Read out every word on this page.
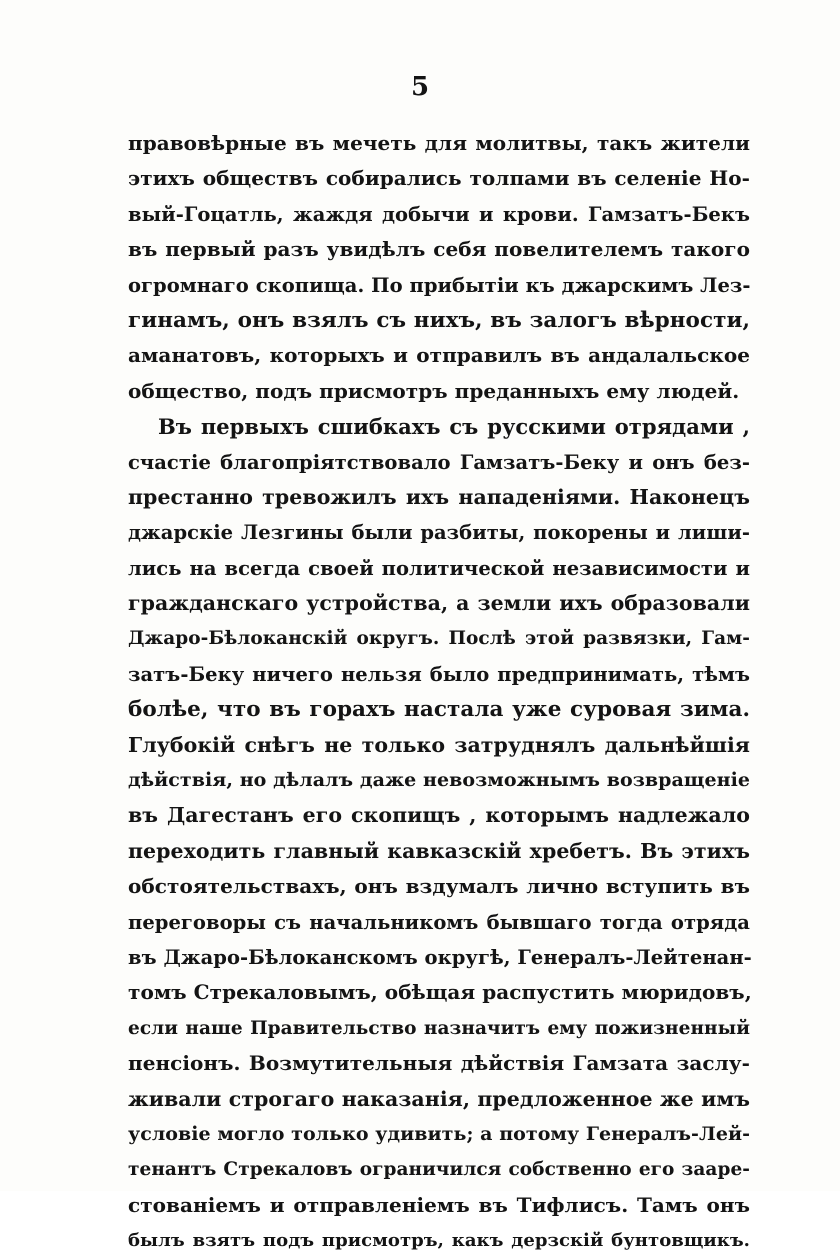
5
правовѣрные въ мечеть для молитвы, такъ жители
этихъ обществъ собирались толпами въ селеніе Но-
вый-Гоцатль, жаждя добычи и крови. Гамзатъ-Бекъ
въ первый разъ увидѣлъ себя повелителемъ такого
огромнаго скопища. По прибытіи къ джарскимъ Лез-
гинамъ, онъ взялъ съ нихъ, въ залогъ вѣрности,
аманатовъ, которыхъ и отправилъ въ андалальское
общество, подъ присмотръ преданныхъ ему людей.
Въ первыхъ сшибкахъ съ русскими отрядами ,
счастіе благопріятствовало Гамзатъ-Беку и онъ без-
престанно тревожилъ ихъ нападеніями. Наконецъ
джарскіе Лезгины были разбиты, покорены и лиши-
лись на всегда своей политической независимости и
гражданскаго устройства, а земли ихъ образовали
Джаро-Бѣлоканскій округъ. Послѣ этой развязки, Гам-
затъ-Беку ничего нельзя было предпринимать, тѣмъ
болѣе, что въ горахъ настала уже суровая зима.
Глубокій снѣгъ не только затруднялъ дальнѣйшія
дѣйствія, но дѣлалъ даже невозможнымъ возвращеніе
въ Дагестанъ его скопищъ , которымъ надлежало
переходить главный кавказскій хребетъ. Въ этихъ
обстоятельствахъ, онъ вздумалъ лично вступить въ
переговоры съ начальникомъ бывшаго тогда отряда
въ Джаро-Бѣлоканскомъ округѣ, Генералъ-Лейтенан-
томъ Стрекаловымъ, обѣщая распустить мюридовъ,
если наше Правительство назначитъ ему пожизненный
пенсіонъ. Возмутительныя дѣйствія Гамзата заслу-
живали строгаго наказанія, предложенное же имъ
условіе могло только удивить; а потому Генералъ-Лей-
тенантъ Стрекаловъ ограничился собственно его зааре-
стованіемъ и отправленіемъ въ Тифлисъ. Тамъ онъ
былъ взятъ подъ присмотръ, какъ дерзскій бунтовщикъ.
